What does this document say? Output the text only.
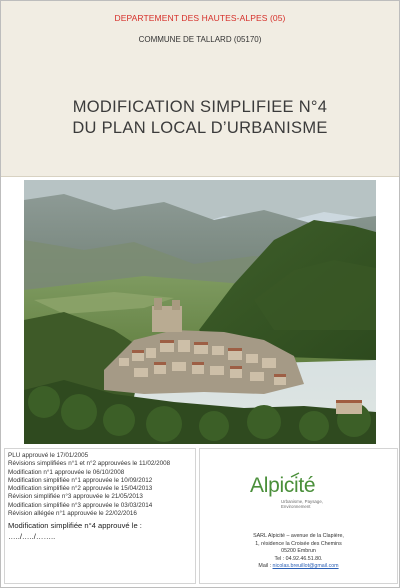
DEPARTEMENT DES HAUTES-ALPES (05)
COMMUNE DE TALLARD (05170)
MODIFICATION SIMPLIFIEE N°4
DU PLAN LOCAL D’URBANISME
PLU approuvé le 17/01/2005
Révisions simplifiées n°1 et n°2 approuvées le 11/02/2008
Modification n°1 approuvée le 06/10/2008
Modification simplifiée n°1 approuvée le 10/09/2012
Modification simplifiée n°2 approuvée le 15/04/2013
Révision simplifiée n°3 approuvée le 21/05/2013
Modification simplifiée n°3 approuvée le 03/03/2014
Révision allégée n°1 approuvée le 22/02/2016
Modification simplifiée n°4 approuvé le :
…../…../……..
Alpicité
Urbanisme, Paysage, Environnement
SARL Alpicité – avenue de la Clapière,
1, résidence la Croisée des Chemins
05200 Embrun
Tel : 04.92.46.51.80.
Mail : nicolas.breuillot@gmail.com
